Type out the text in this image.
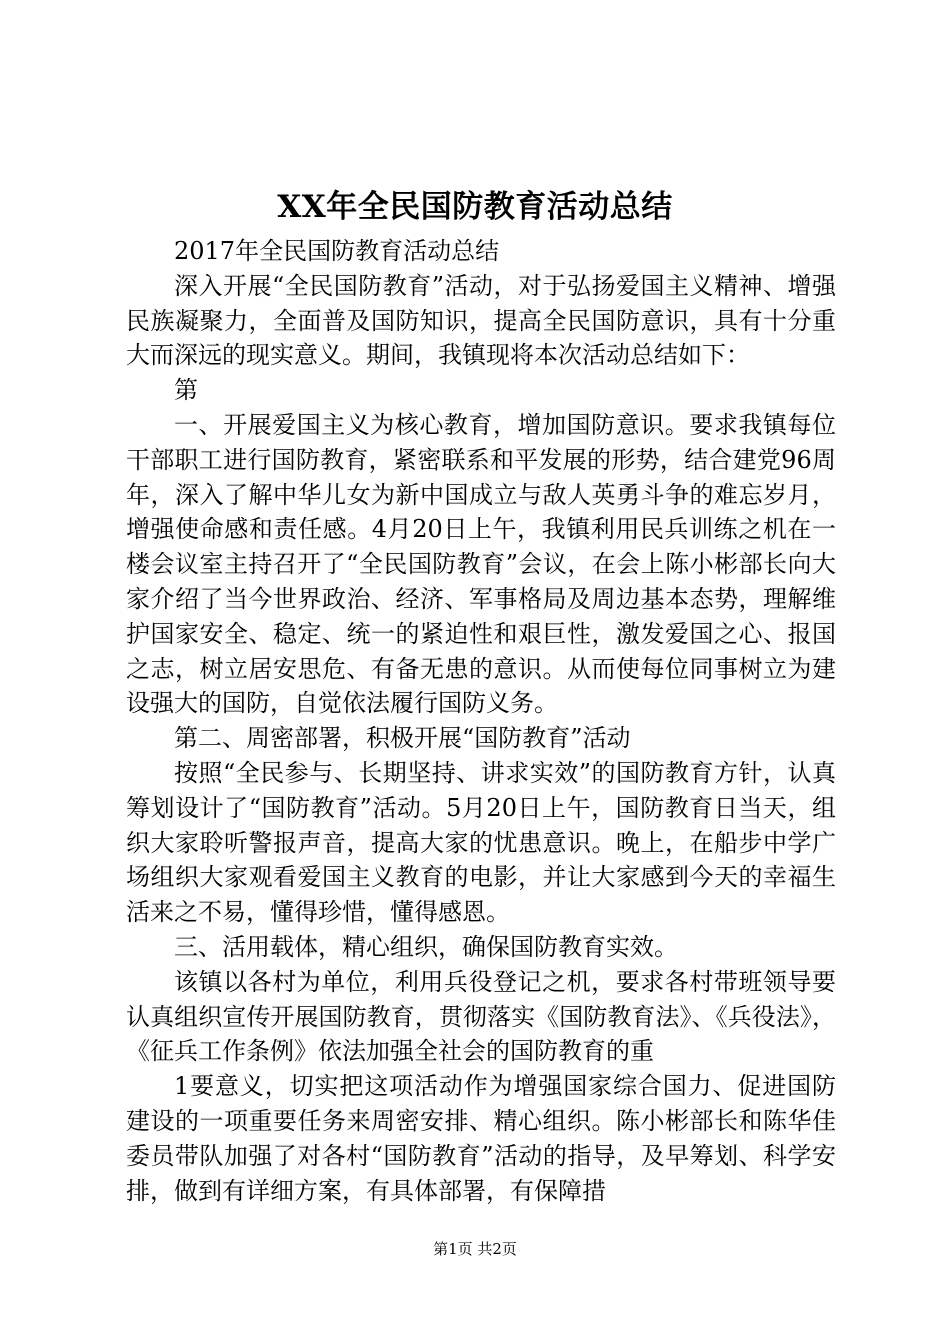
XX年全民国防教育活动总结

2017年全民国防教育活动总结

深入开展“全民国防教育”活动，对于弘扬爱国主义精神、增强民族凝聚力，全面普及国防知识，提高全民国防意识，具有十分重大而深远的现实意义。期间，我镇现将本次活动总结如下：

第

一、开展爱国主义为核心教育，增加国防意识。要求我镇每位干部职工进行国防教育，紧密联系和平发展的形势，结合建党96周年，深入了解中华儿女为新中国成立与敌人英勇斗争的难忘岁月，增强使命感和责任感。4月20日上午，我镇利用民兵训练之机在一楼会议室主持召开了“全民国防教育”会议，在会上陈小彬部长向大家介绍了当今世界政治、经济、军事格局及周边基本态势，理解维护国家安全、稳定、统一的紧迫性和艰巨性，激发爱国之心、报国之志，树立居安思危、有备无患的意识。从而使每位同事树立为建设强大的国防，自觉依法履行国防义务。

第二、周密部署，积极开展“国防教育”活动

按照“全民参与、长期坚持、讲求实效”的国防教育方针，认真筹划设计了“国防教育”活动。5月20日上午，国防教育日当天，组织大家聆听警报声音，提高大家的忧患意识。晚上，在船步中学广场组织大家观看爱国主义教育的电影，并让大家感到今天的幸福生活来之不易，懂得珍惜，懂得感恩。

三、活用载体，精心组织，确保国防教育实效。

该镇以各村为单位，利用兵役登记之机，要求各村带班领导要认真组织宣传开展国防教育，贯彻落实《国防教育法》、《兵役法》，《征兵工作条例》依法加强全社会的国防教育的重

1要意义，切实把这项活动作为增强国家综合国力、促进国防建设的一项重要任务来周密安排、精心组织。陈小彬部长和陈华佳委员带队加强了对各村“国防教育”活动的指导，及早筹划、科学安排，做到有详细方案，有具体部署，有保障措

第1页 共2页
